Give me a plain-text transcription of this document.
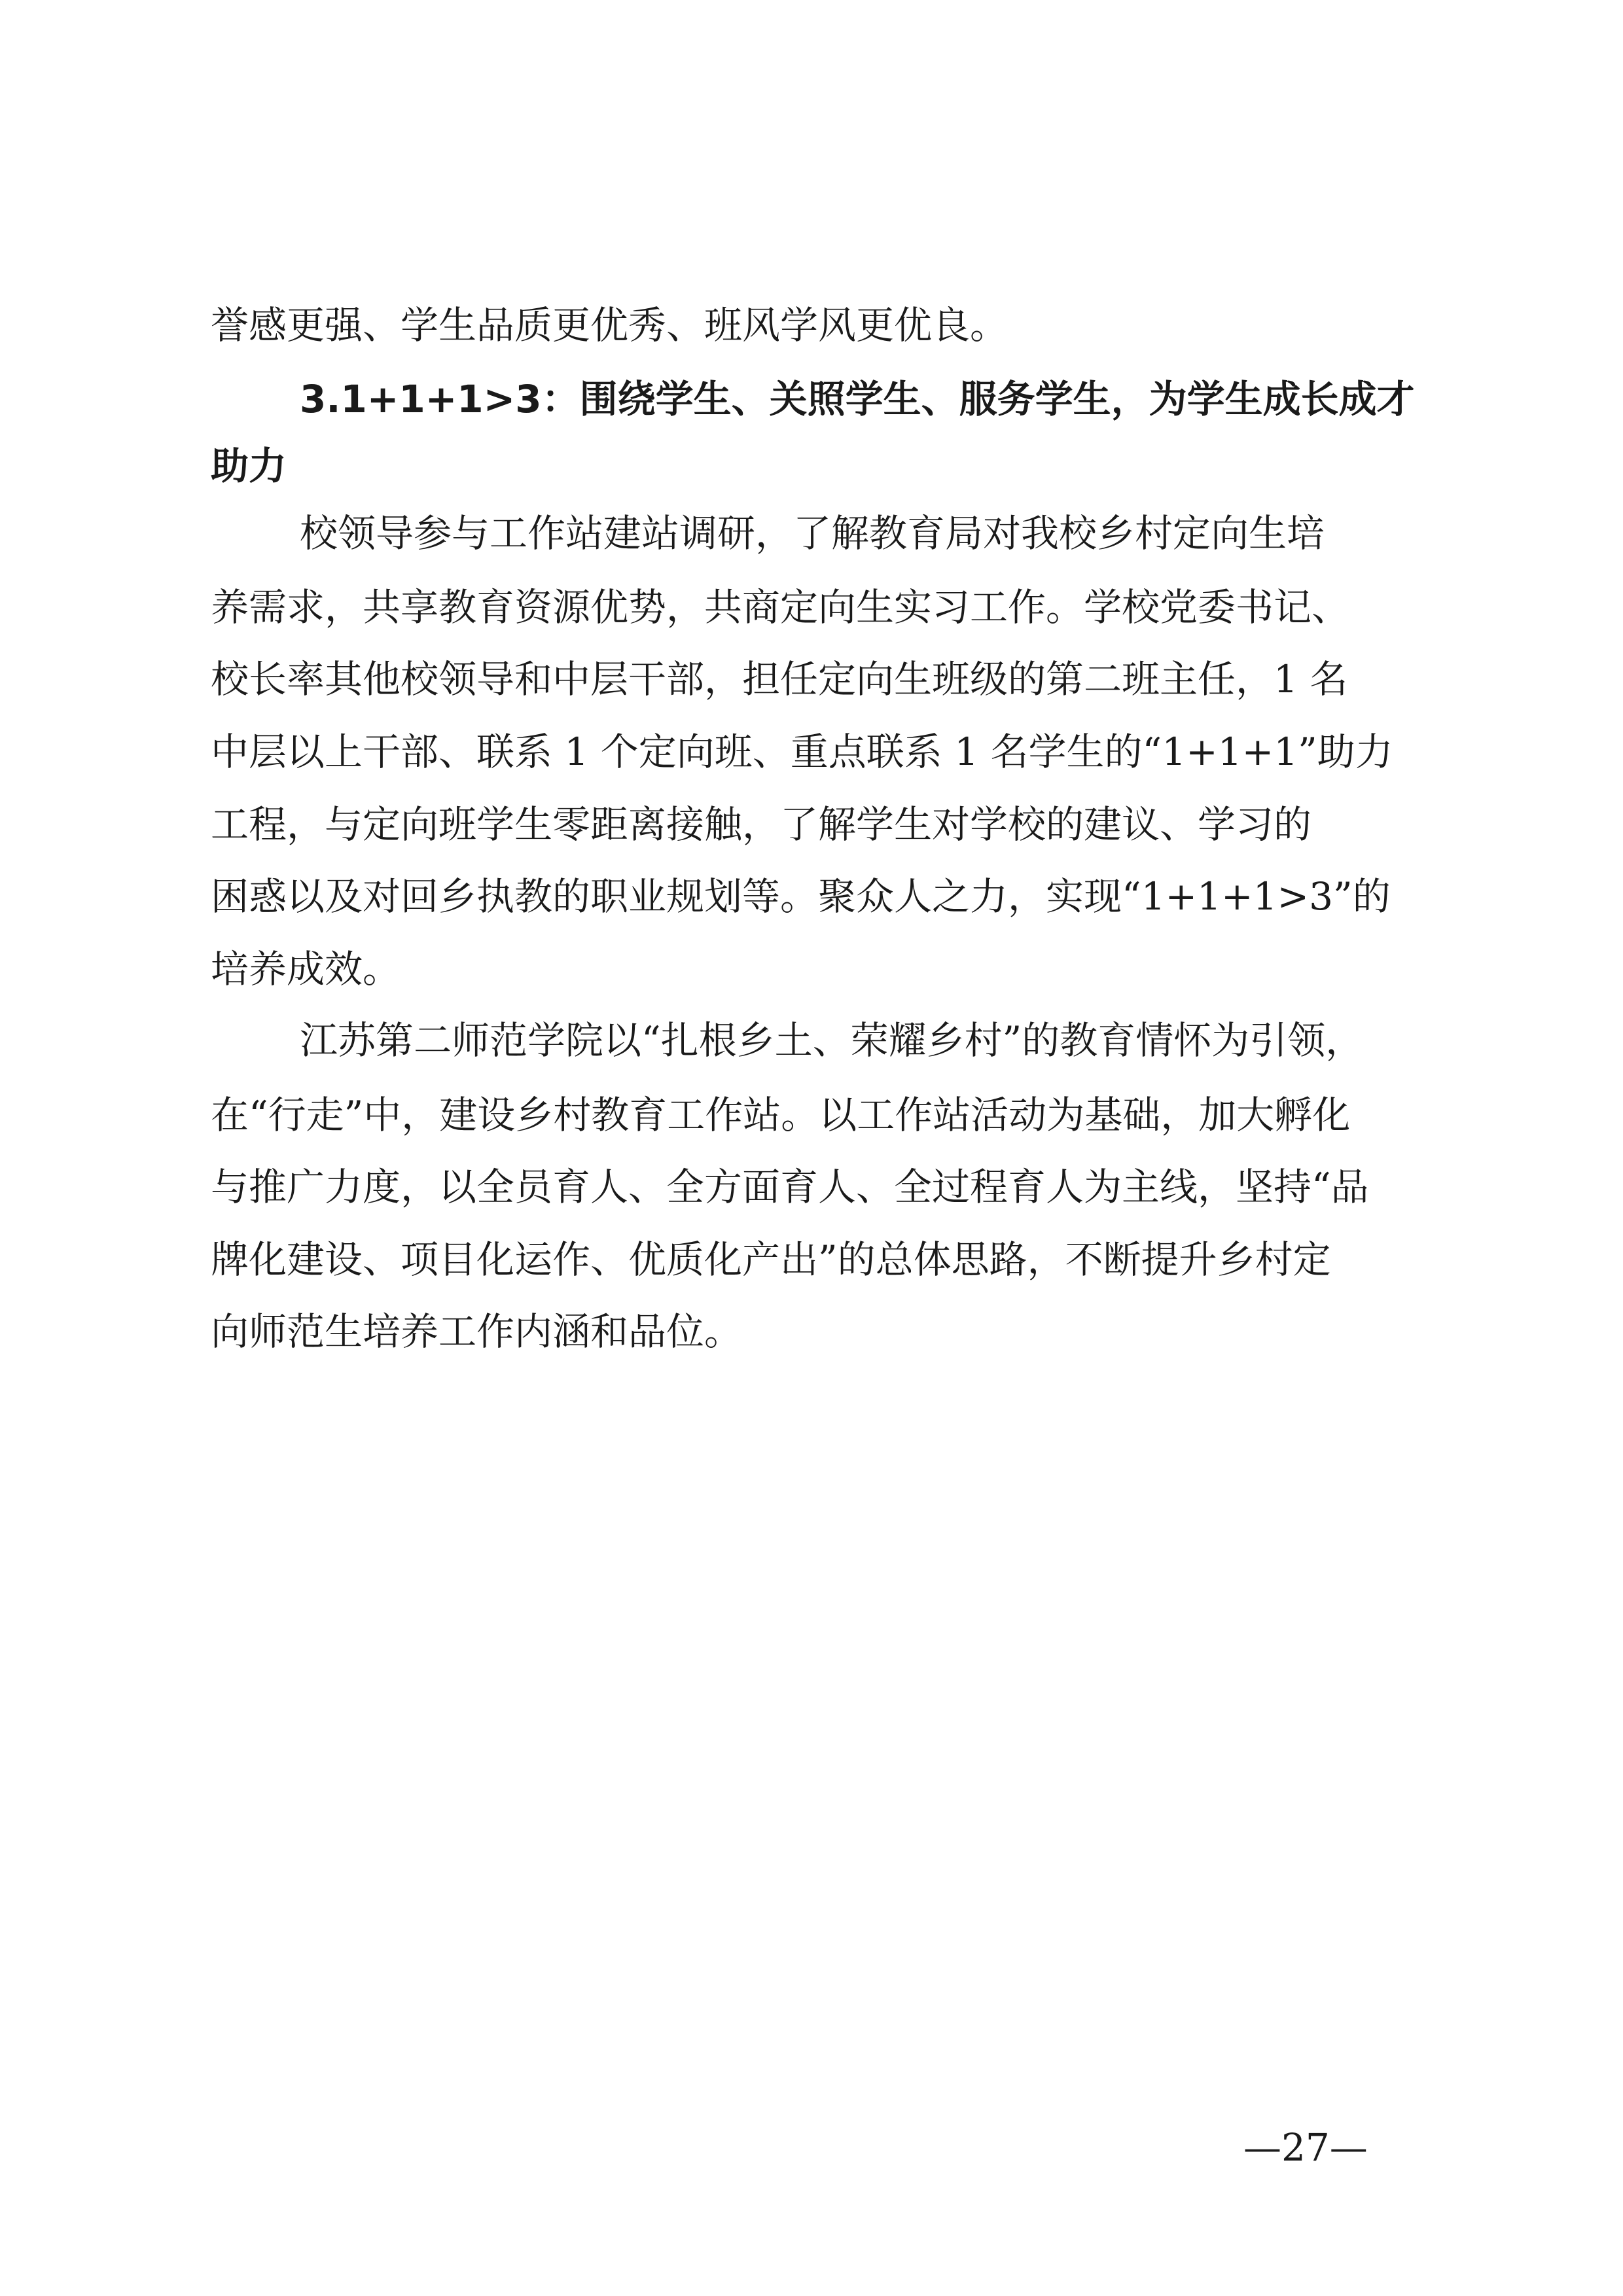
誉感更强、学生品质更优秀、班风学风更优良。
3.1+1+1>3：围绕学生、关照学生、服务学生，为学生成长成才
助力
校领导参与工作站建站调研，了解教育局对我校乡村定向生培
养需求，共享教育资源优势，共商定向生实习工作。学校党委书记、
校长率其他校领导和中层干部，担任定向生班级的第二班主任，1 名
中层以上干部、联系 1 个定向班、重点联系 1 名学生的“1+1+1”助力
工程，与定向班学生零距离接触，了解学生对学校的建议、学习的
困惑以及对回乡执教的职业规划等。聚众人之力，实现“1+1+1>3”的
培养成效。
江苏第二师范学院以“扎根乡土、荣耀乡村”的教育情怀为引领，
在“行走”中，建设乡村教育工作站。以工作站活动为基础，加大孵化
与推广力度，以全员育人、全方面育人、全过程育人为主线，坚持“品
牌化建设、项目化运作、优质化产出”的总体思路，不断提升乡村定
向师范生培养工作内涵和品位。
—27—
